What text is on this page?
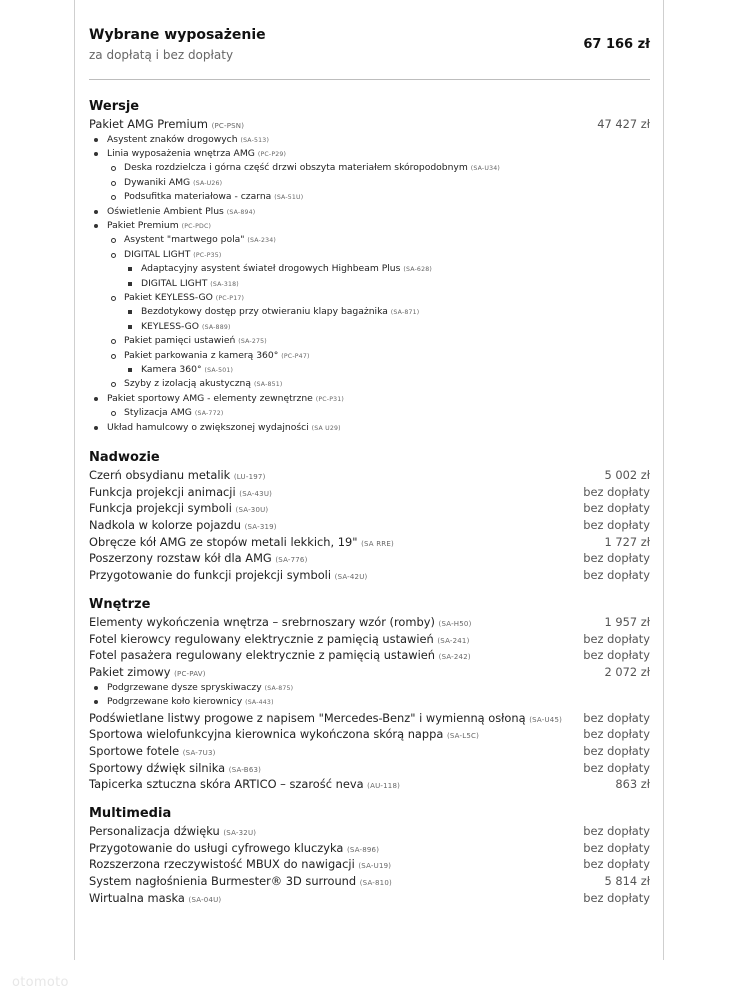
Wybrane wyposażenie
za dopłatą i bez dopłaty
67 166 zł
Wersje
Pakiet AMG Premium (PC-PSN)	47 427 zł
Asystent znaków drogowych (SA-513)
Linia wyposażenia wnętrza AMG (PC-P29)
Deska rozdzielcza i górna część drzwi obszyta materiałem skóropodobnym (SA-U34)
Dywaniki AMG (SA-U26)
Podsufitka materiałowa - czarna (SA-51U)
Oświetlenie Ambient Plus (SA-894)
Pakiet Premium (PC-PDC)
Asystent "martwego pola" (SA-234)
DIGITAL LIGHT (PC-P35)
Adaptacyjny asystent świateł drogowych Highbeam Plus (SA-628)
DIGITAL LIGHT (SA-318)
Pakiet KEYLESS-GO (PC-P17)
Bezdotykowy dostęp przy otwieraniu klapy bagażnika (SA-871)
KEYLESS-GO (SA-889)
Pakiet pamięci ustawień (SA-275)
Pakiet parkowania z kamerą 360° (PC-P47)
Kamera 360° (SA-501)
Szyby z izolacją akustyczną (SA-851)
Pakiet sportowy AMG - elementy zewnętrzne (PC-P31)
Stylizacja AMG (SA-772)
Układ hamulcowy o zwiększonej wydajności (SA U29)
Nadwozie
Czerń obsydianu metalik (LU-197)	5 002 zł
Funkcja projekcji animacji (SA-43U)	bez dopłaty
Funkcja projekcji symboli (SA-30U)	bez dopłaty
Nadkola w kolorze pojazdu (SA-319)	bez dopłaty
Obręcze kół AMG ze stopów metali lekkich, 19" (SA RRE)	1 727 zł
Poszerzony rozstaw kół dla AMG (SA-776)	bez dopłaty
Przygotowanie do funkcji projekcji symboli (SA-42U)	bez dopłaty
Wnętrze
Elementy wykończenia wnętrza – srebrnoszary wzór (romby) (SA-H50)	1 957 zł
Fotel kierowcy regulowany elektrycznie z pamięcią ustawień (SA-241)	bez dopłaty
Fotel pasażera regulowany elektrycznie z pamięcią ustawień (SA-242)	bez dopłaty
Pakiet zimowy (PC-PAV)	2 072 zł
Podgrzewane dysze spryskiwaczy (SA-875)
Podgrzewane koło kierownicy (SA-443)
Podświetlane listwy progowe z napisem "Mercedes-Benz" i wymienną osłoną (SA-U45) bez dopłaty
Sportowa wielofunkcyjna kierownica wykończona skórą nappa (SA-L5C)	bez dopłaty
Sportowe fotele (SA-7U3)	bez dopłaty
Sportowy dźwięk silnika (SA-B63)	bez dopłaty
Tapicerka sztuczna skóra ARTICO – szarość neva (AU-118)	863 zł
Multimedia
Personalizacja dźwięku (SA-32U)	bez dopłaty
Przygotowanie do usługi cyfrowego kluczyka (SA-896)	bez dopłaty
Rozszerzona rzeczywistość MBUX do nawigacji (SA-U19)	bez dopłaty
System nagłośnienia Burmester® 3D surround (SA-810)	5 814 zł
Wirtualna maska (SA-04U)	bez dopłaty
otomoto
